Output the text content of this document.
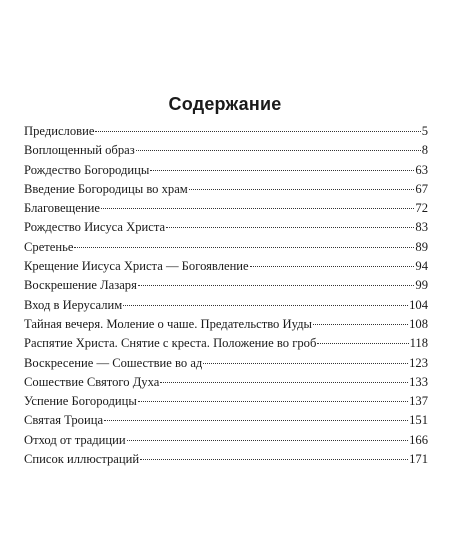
Содержание
Предисловие	5
Воплощенный образ	8
Рождество Богородицы	63
Введение Богородицы во храм	67
Благовещение	72
Рождество Иисуса Христа	83
Сретенье	89
Крещение Иисуса Христа — Богоявление	94
Воскрешение Лазаря	99
Вход в Иерусалим	104
Тайная вечеря. Моление о чаше. Предательство Иуды	108
Распятие Христа. Снятие с креста. Положение во гроб	118
Воскресение — Сошествие во ад	123
Сошествие Святого Духа	133
Успение Богородицы	137
Святая Троица	151
Отход от традиции	166
Список иллюстраций	171
